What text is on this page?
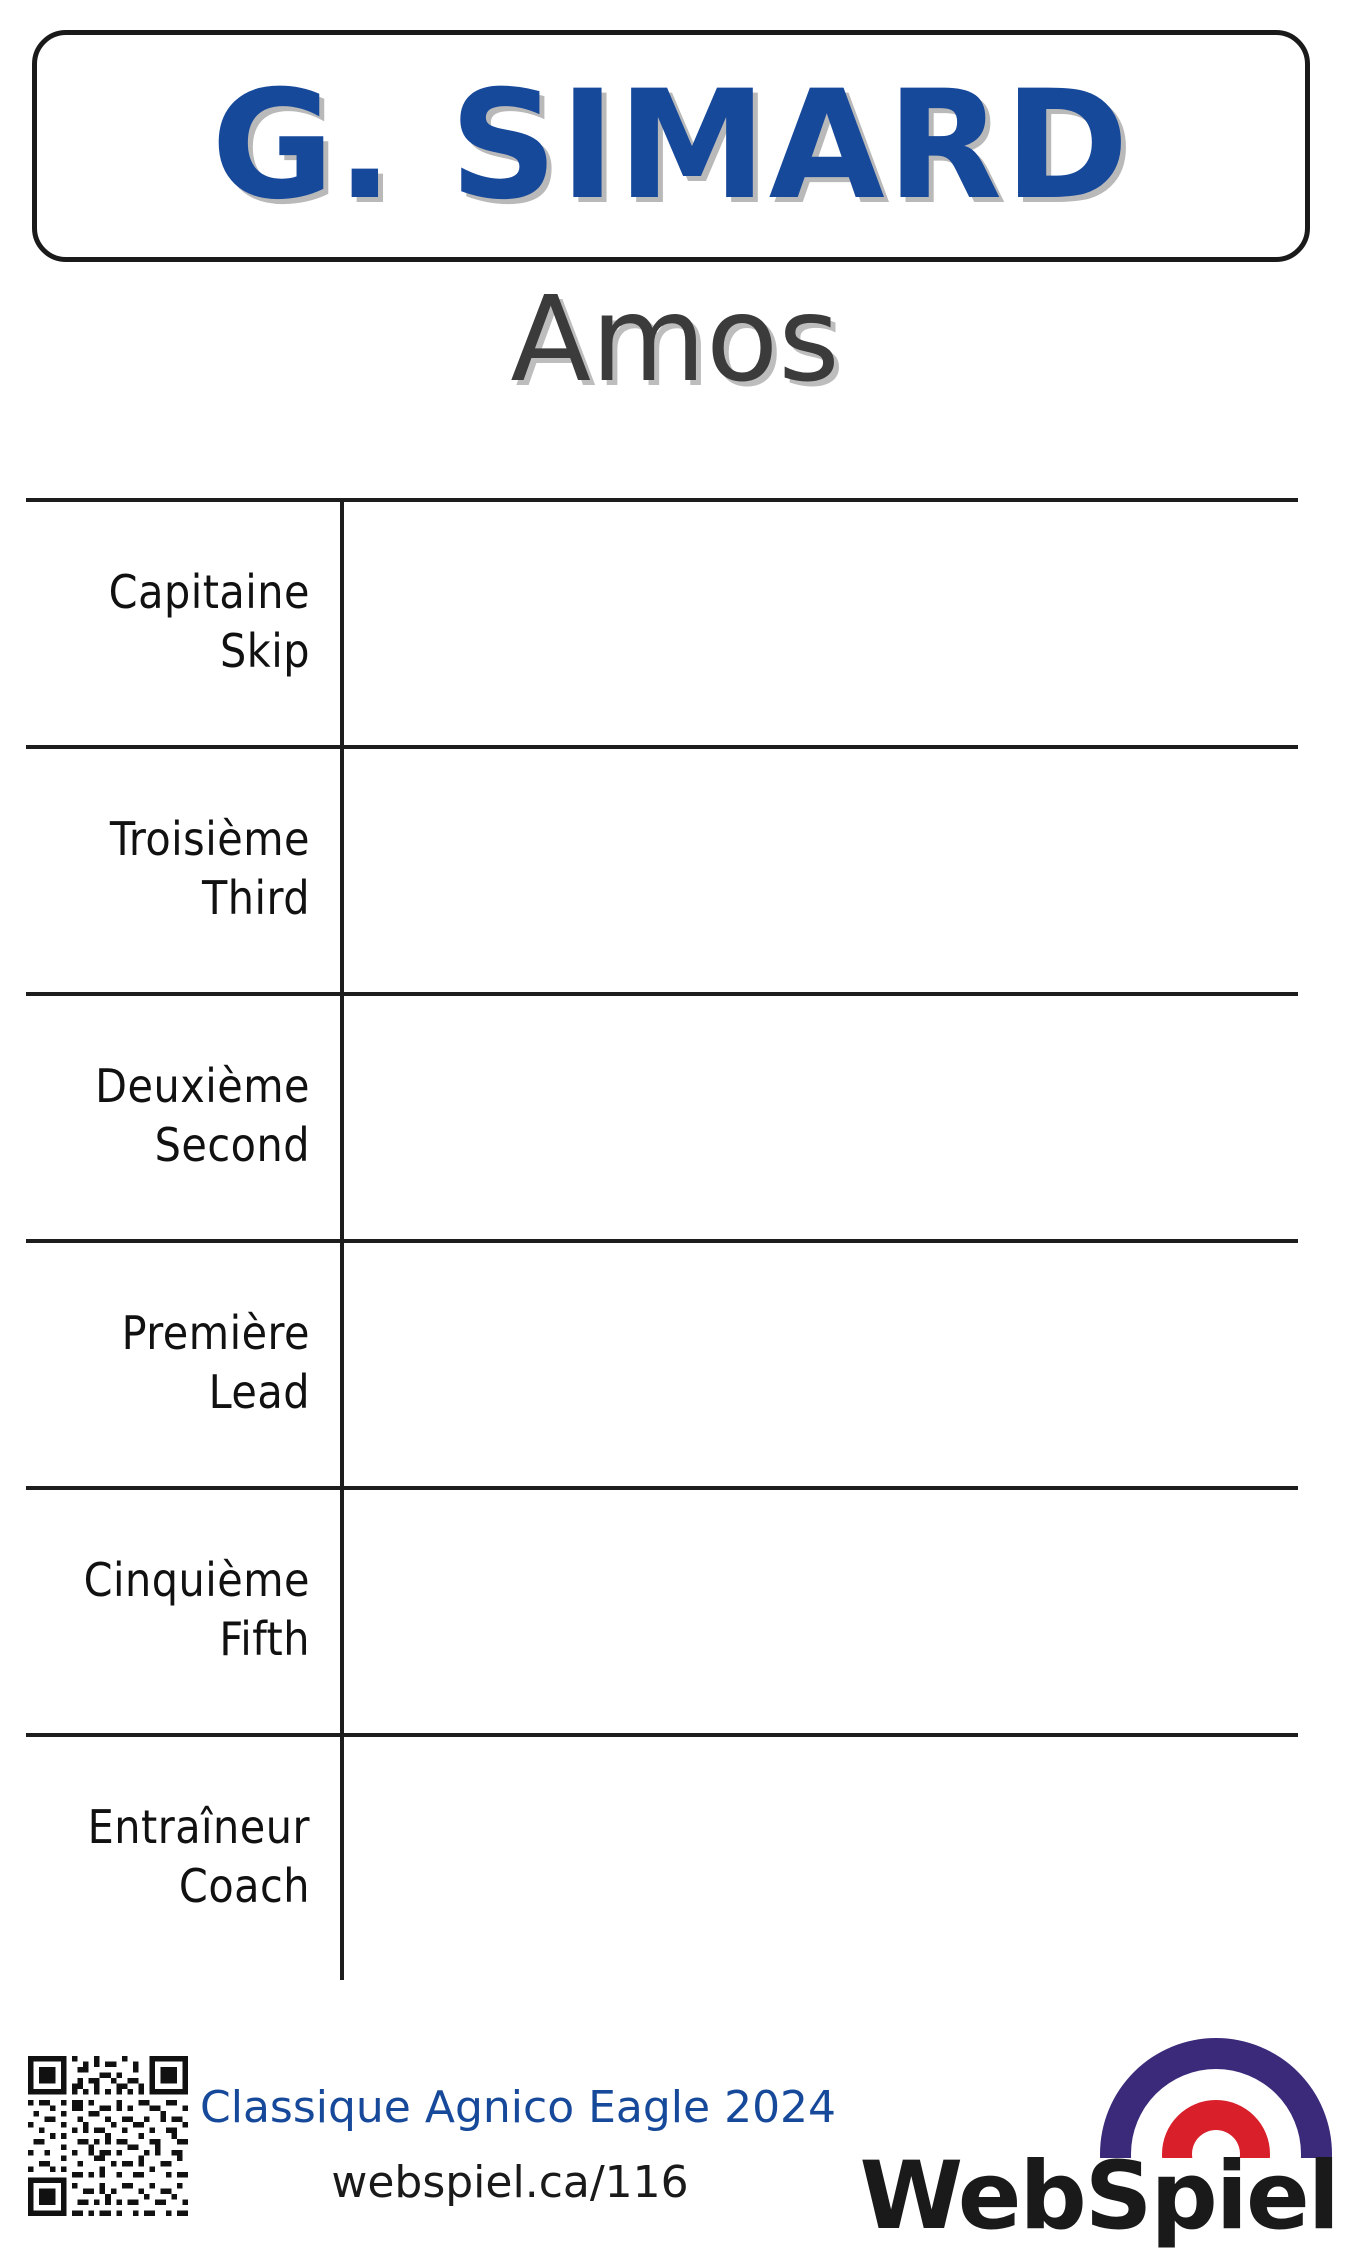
G. SIMARD
Amos
Capitaine
Skip
Troisième
Third
Deuxième
Second
Première
Lead
Cinquième
Fifth
Entraîneur
Coach
Classique Agnico Eagle 2024
webspiel.ca/116	WebSpiel
